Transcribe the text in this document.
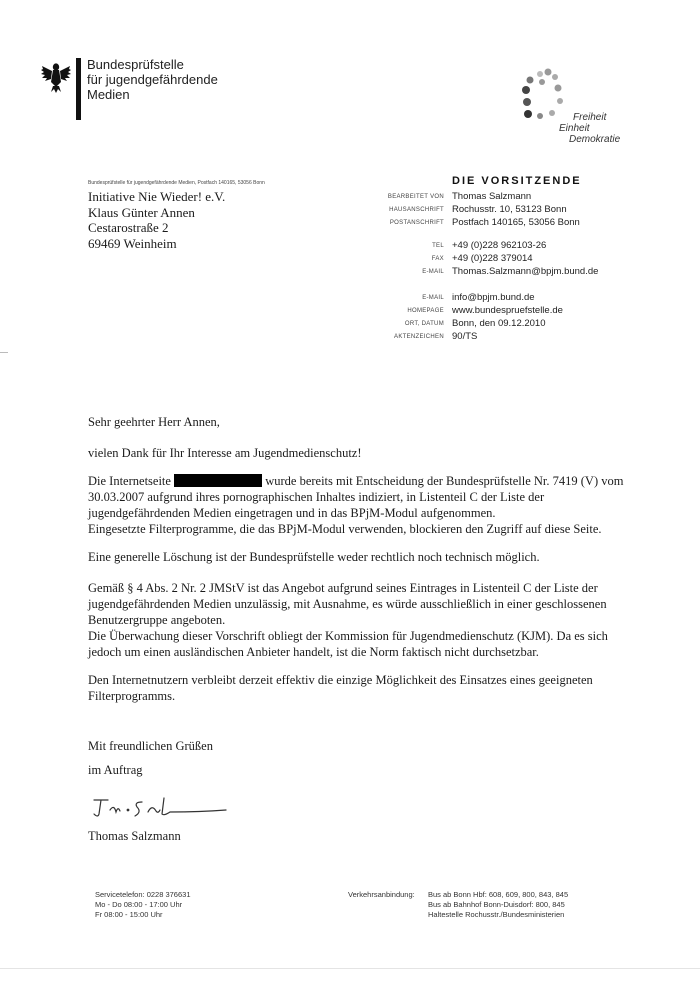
Bundesprüfstelle
für jugendgefährdende
Medien
Freiheit
Einheit
Demokratie
Bundesprüfstelle für jugendgefährdende Medien, Postfach 140165, 53056 Bonn
Initiative Nie Wieder! e.V.
Klaus Günter Annen
Cestarostraße 2
69469 Weinheim
DIE VORSITZENDE
BEARBEITET VON Thomas Salzmann
HAUSANSCHRIFT Rochusstr. 10, 53123 Bonn
POSTANSCHRIFT Postfach 140165, 53056 Bonn
TEL +49 (0)228 962103-26
FAX +49 (0)228 379014
E-MAIL Thomas.Salzmann@bpjm.bund.de
E-MAIL info@bpjm.bund.de
HOMEPAGE www.bundespruefstelle.de
ORT, DATUM Bonn, den 09.12.2010
AKTENZEICHEN 90/TS
Sehr geehrter Herr Annen,
vielen Dank für Ihr Interesse am Jugendmedienschutz!
Die Internetseite	wurde bereits mit Entscheidung der Bundesprüfstelle Nr. 7419 (V) vom 30.03.2007 aufgrund ihres pornographischen Inhaltes indiziert, in Listenteil C der Liste der jugendgefährdenden Medien eingetragen und in das BPjM-Modul aufgenommen.
Eingesetzte Filterprogramme, die das BPjM-Modul verwenden, blockieren den Zugriff auf diese Seite.
Eine generelle Löschung ist der Bundesprüfstelle weder rechtlich noch technisch möglich.
Gemäß § 4 Abs. 2 Nr. 2 JMStV ist das Angebot aufgrund seines Eintrages in Listenteil C der Liste der jugendgefährdenden Medien unzulässig, mit Ausnahme, es würde ausschließlich in einer geschlossenen Benutzergruppe angeboten.
Die Überwachung dieser Vorschrift obliegt der Kommission für Jugendmedienschutz (KJM). Da es sich jedoch um einen ausländischen Anbieter handelt, ist die Norm faktisch nicht durchsetzbar.
Den Internetnutzern verbleibt derzeit effektiv die einzige Möglichkeit des Einsatzes eines geeigneten Filterprogramms.
Mit freundlichen Grüßen
im Auftrag
Thomas Salzmann
Servicetelefon: 0228 376631
Mo - Do 08:00 - 17:00 Uhr
Fr 08:00 - 15:00 Uhr
Verkehrsanbindung: Bus ab Bonn Hbf: 608, 609, 800, 843, 845
Bus ab Bahnhof Bonn-Duisdorf: 800, 845
Haltestelle Rochusstr./Bundesministerien
